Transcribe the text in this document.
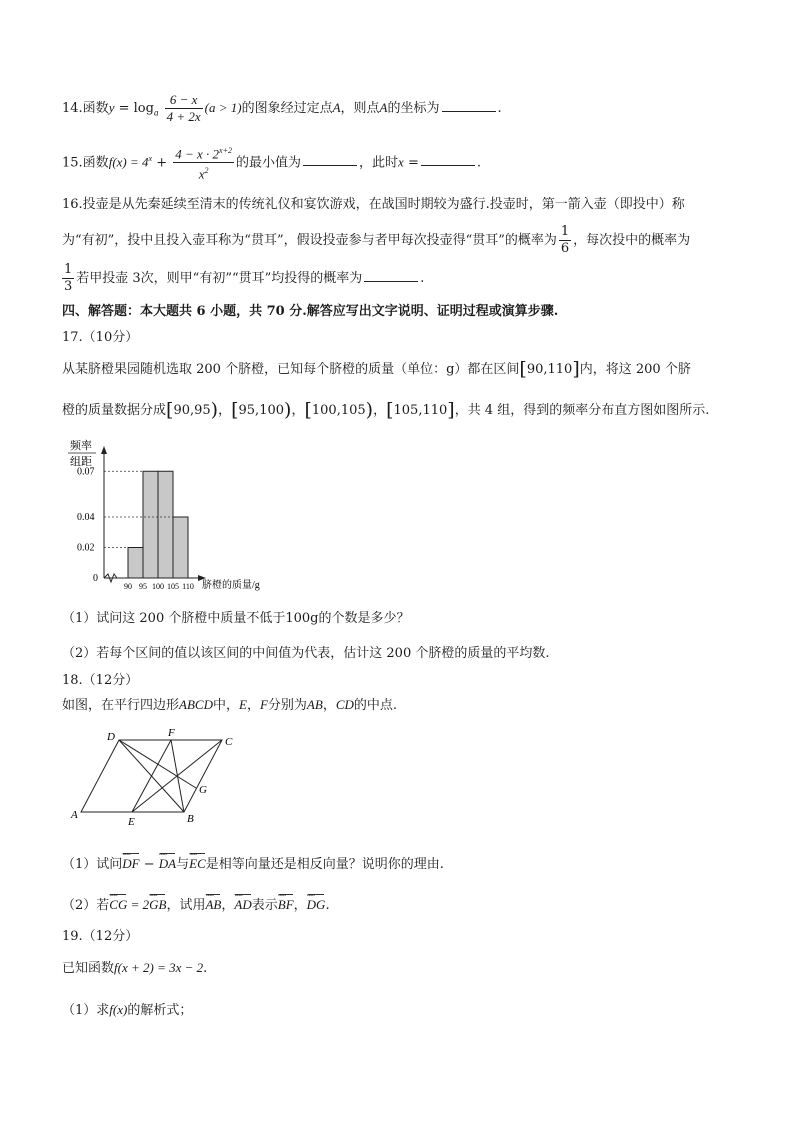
14.函数$y = \log_a \frac{6 - x}{4 + 2x} (a > 1)$的图象经过定点A，则点A的坐标为	.
15.函数$f(x) = 4^x + \frac{4 - x \cdot 2^{x+2}}{x^2}$ 的最小值为	，此时x =	.
16.投壶是从先秦延续至清末的传统礼仪和宴饮游戏，在战国时期较为盛行.投壶时，第一箭入壶（即投中）称
为“有初”，投中且投入壶耳称为“贯耳”，假设投壶参与者甲每次投壶得“贯耳”的概率为 $\frac{1}{6}$ ，每次投中的概率为
$\frac{1}{3}$ 若甲投壶 3次，则甲“有初”“贯耳”均投得的概率为	.
四、解答题：本大题共 6 小题，共 70 分.解答应写出文字说明、证明过程或演算步骤.
17.（10分）
从某脐橙果园随机选取 200 个脐橙，已知每个脐橙的质量（单位：g）都在区间[90,110]内，将这 200 个脐
橙的质量数据分成[90,95)，[95,100)，[100,105)，[105,110]，共 4 组，得到的频率分布直方图如图所示.
频率
组距
0.02
0.07
0.04
90 95 100 105 110
0
脐橙的质量/g
（1）试问这 200 个脐橙中质量不低于100g的个数是多少？
（2）若每个区间的值以该区间的中间值为代表，估计这 200 个脐橙的质量的平均数.
18.（12分）
如图，在平行四边形ABCD中，E，F分别为AB，CD的中点.
A	B
C
D
E
F
G
（1）试问DF ᴗᴗᴗ − DA ᴗᴗᴗ与EC ᴗᴗᴗ是相等向量还是相反向量？说明你的理由.
（2）若CG ᴗᴗᴗ = 2GB ᴗᴗᴗ，试用AB ᴗᴗᴗ，AD ᴗᴗᴗ表示BF ᴗᴗᴗ，DG ᴗᴗᴗ.
19.（12分）
已知函数f(x + 2) = 3x − 2.
（1）求f(x)的解析式；
